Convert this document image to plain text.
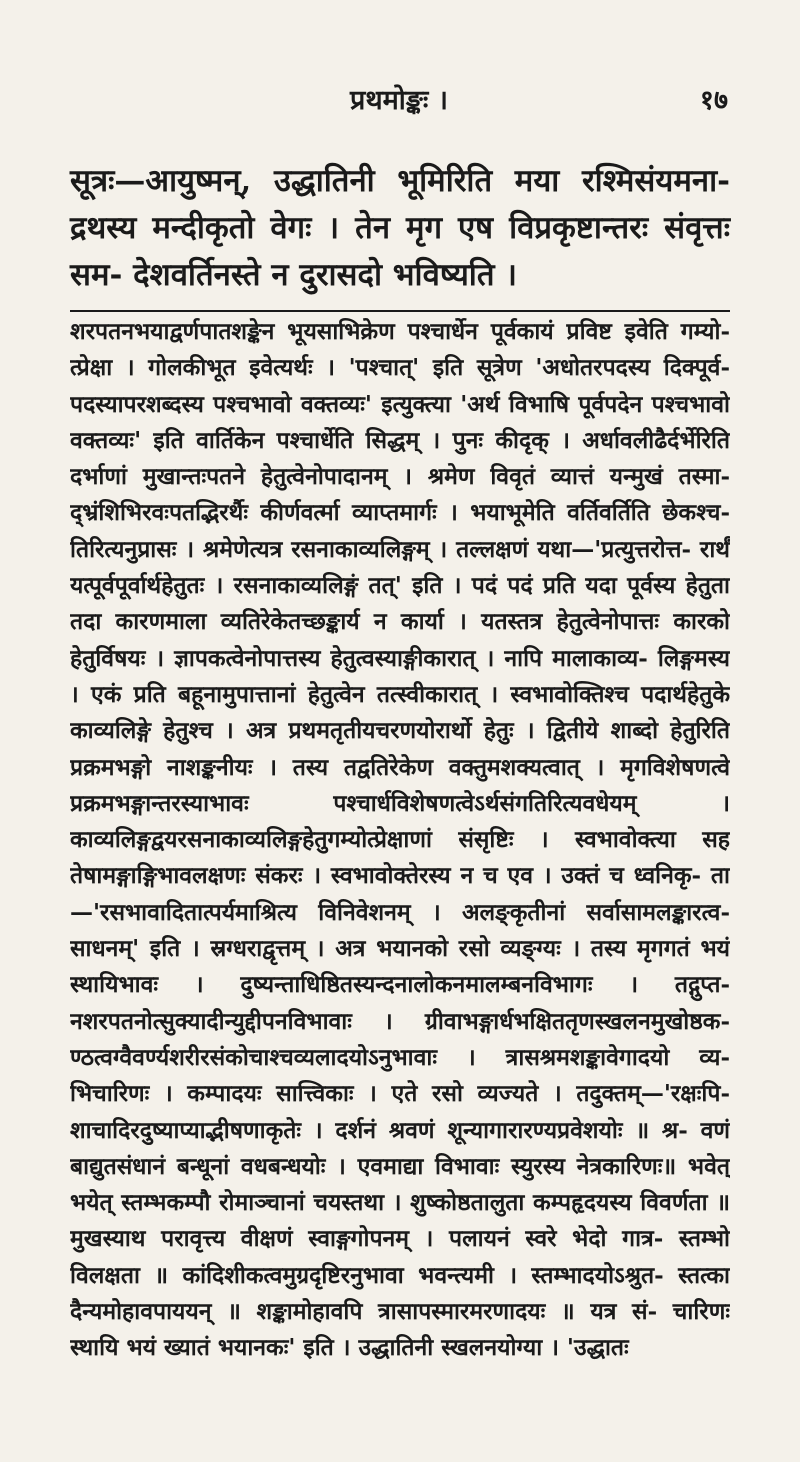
प्रथमोङ्कः ।	१७
सूत्रः—आयुष्मन्, उद्धातिनी भूमिरिति मया रश्मिसंयमना- द्रथस्य मन्दीकृतो वेगः । तेन मृग एष विप्रकृष्टान्तरः संवृत्तः सम- देशवर्तिनस्ते न दुरासदो भविष्यति ।

शरपतनभयाद्वर्णपातशङ्केन भूयसाभिक्रेण पश्चार्धेन पूर्वकायं प्रविष्ट इवेति गम्यो- त्प्रेक्षा । गोलकीभूत इवेत्यर्थः । 'पश्चात्' इति सूत्रेण 'अधोतरपदस्य दिक्पूर्व- पदस्यापरशब्दस्य पश्चभावो वक्तव्यः' इत्युक्त्या 'अर्थ विभाषि पूर्वपदेन पश्चभावो वक्तव्यः' इति वार्तिकेन पश्चार्धेति सिद्धम् । पुनः कीदृक् । अर्धावलीढैर्दर्भेरिति दर्भाणां मुखान्तःपतने हेतुत्वेनोपादानम् । श्रमेण विवृतं व्यात्तं यन्मुखं तस्मा- द्भ्रंशिभिरवःपतद्भिरर्थैः कीर्णवर्त्मा व्याप्तमार्गः । भयाभूमेति वर्तिवर्तिति छेकश्च- तिरित्यनुप्रासः । श्रमेणेत्यत्र रसनाकाव्यलिङ्गम् । तल्लक्षणं यथा—'प्रत्युत्तरोत्त- रार्थं यत्पूर्वपूर्वार्थहेतुतः । रसनाकाव्यलिङ्गं तत्' इति । पदं पदं प्रति यदा पूर्वस्य हेतुता तदा कारणमाला व्यतिरेकेतच्छङ्कार्य न कार्या । यतस्तत्र हेतुत्वेनोपात्तः कारको हेतुर्विषयः । ज्ञापकत्वेनोपात्तस्य हेतुत्वस्याङ्गीकारात् । नापि मालाकाव्य- लिङ्गमस्य । एकं प्रति बहूनामुपात्तानां हेतुत्वेन तत्स्वीकारात् । स्वभावोक्तिश्च पदार्थहेतुके काव्यलिङ्गे हेतुश्च । अत्र प्रथमतृतीयचरणयोरार्थो हेतुः । द्वितीये शाब्दो हेतुरिति प्रक्रमभङ्गो नाशङ्कनीयः । तस्य तद्वतिरेकेण वक्तुमशक्यत्वात् । मृगविशेषणत्वे प्रक्रमभङ्गान्तरस्याभावः पश्चार्धविशेषणत्वेऽर्थसंगतिरित्यवधेयम् । काव्यलिङ्गद्वयरसनाकाव्यलिङ्गहेतुगम्योत्प्रेक्षाणां संसृष्टिः । स्वभावोक्त्या सह तेषामङ्गाङ्गिभावलक्षणः संकरः । स्वभावोक्तेरस्य न च एव । उक्तं च ध्वनिकृ- ता—'रसभावादितात्पर्यमाश्रित्य विनिवेशनम् । अलङ्कृतीनां सर्वासामलङ्कारत्व- साधनम्' इति । स्रग्धराद्वृत्तम् । अत्र भयानको रसो व्यङ्ग्यः । तस्य मृगगतं भयं स्थायिभावः । दुष्यन्ताधिष्ठितस्यन्दनालोकनमालम्बनविभागः । तद्गुप्त- नशरपतनोत्सुक्यादीन्युद्दीपनविभावाः । ग्रीवाभङ्गार्धभक्षिततृणस्खलनमुखोष्ठक- ण्ठत्वग्वैवर्ण्यशरीरसंकोचाश्चव्यलादयोऽनुभावाः । त्रासश्रमशङ्कावेगादयो व्य- भिचारिणः । कम्पादयः सात्त्विकाः । एते रसो व्यज्यते । तदुक्तम्—'रक्षःपि- शाचादिरदुष्याप्याद्भीषणाकृतेः । दर्शनं श्रवणं शून्यागारारण्यप्रवेशयोः ॥ श्र- वणं बाद्युतसंधानं बन्धूनां वधबन्धयोः । एवमाद्या विभावाः स्युरस्य नेत्रकारिणः॥ भवेत् भयेत् स्तम्भकम्पौ रोमाञ्चानां चयस्तथा । शुष्कोष्ठतालुता कम्पहृदयस्य विवर्णता ॥ मुखस्याथ परावृत्त्य वीक्षणं स्वाङ्गगोपनम् । पलायनं स्वरे भेदो गात्र- स्तम्भो विलक्षता ॥ कांदिशीकत्वमुग्रदृष्टिरनुभावा भवन्त्यमी । स्तम्भादयोऽश्रुत- स्तत्का दैन्यमोहावपाययन् ॥ शङ्कामोहावपि त्रासापस्मारमरणादयः ॥ यत्र सं- चारिणः स्थायि भयं ख्यातं भयानकः' इति । उद्धातिनी स्खलनयोग्या । 'उद्धातः
